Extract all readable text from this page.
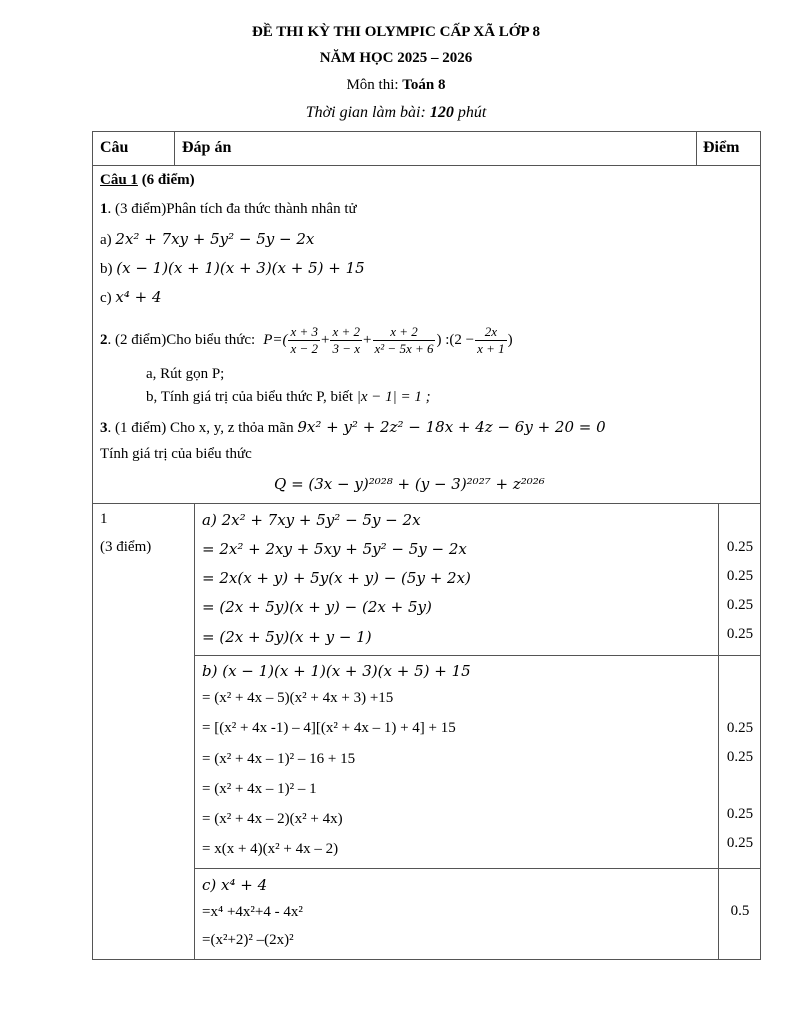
ĐỀ THI KỲ THI OLYMPIC CẤP XÃ LỚP 8
NĂM HỌC 2025 – 2026
Môn thi: Toán 8
Thời gian làm bài: 120 phút
Câu	Đáp án	Điểm
Câu 1 (6 điểm)
1. (3 điểm)Phân tích đa thức thành nhân tử
a) 2x² + 7xy + 5y² − 5y − 2x
b) (x − 1)(x + 1)(x + 3)(x + 5) + 15
c) x⁴ + 4
2 . (2 điểm)Cho biểu thức: $P=( \frac{x + 3}{x - 2} + \frac{x + 2}{3 - x} + \frac{x + 2}{\text{x² − 5x + 6}}$ ) :(2 − $\frac{2x}{x + 1}$ )
a, Rút gọn P;
b, Tính giá trị của biểu thức P, biết |x − 1| = 1 ;
3. (1 điểm) Cho x, y, z thỏa mãn 9x² + y² + 2z² − 18x + 4z − 6y + 20 = 0
Tính giá trị của biểu thức
Q = (3x − y)²⁰²⁸ + (y − 3)²⁰²⁷ + z²⁰²⁶
1
(3 điểm)
a) 2x² + 7xy + 5y² − 5y − 2x
= 2x² + 2xy + 5xy + 5y² − 5y − 2x
= 2x(x + y) + 5y(x + y) − (5y + 2x)
= (2x + 5y)(x + y) − (2x + 5y)
= (2x + 5y)(x + y − 1)
0.25
0.25
0.25
0.25
b) (x − 1)(x + 1)(x + 3)(x + 5) + 15
= (x² + 4x – 5)(x² + 4x + 3) +15
= [(x² + 4x -1) – 4][(x² + 4x – 1) + 4] + 15
= (x² + 4x – 1)² – 16 + 15
= (x² + 4x – 1)² – 1
= (x² + 4x – 2)(x² + 4x)
= x(x + 4)(x² + 4x – 2)
0.25
0.25
0.25
0.25
c) x⁴ + 4
=x⁴ +4x²+4 - 4x²
=(x²+2)² –(2x)²
0.5
